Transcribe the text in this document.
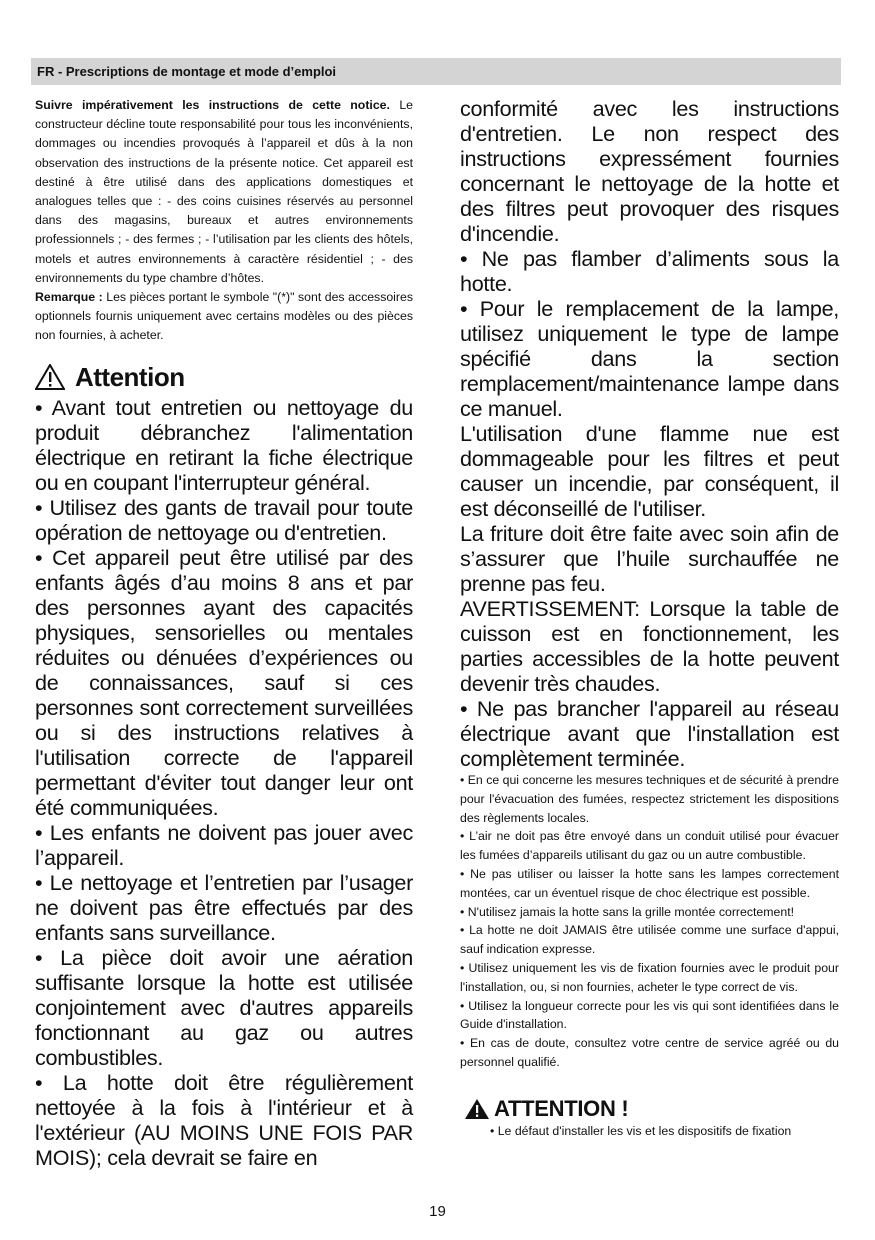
FR - Prescriptions de montage et mode d’emploi

Suivre impérativement les instructions de cette notice. Le constructeur décline toute responsabilité pour tous les inconvénients, dommages ou incendies provoqués à l’appareil et dûs à la non observation des instructions de la présente notice. Cet appareil est destiné à être utilisé dans des applications domestiques et analogues telles que : - des coins cuisines réservés au personnel dans des magasins, bureaux et autres environnements professionnels ; - des fermes ; - l’utilisation par les clients des hôtels, motels et autres environnements à caractère résidentiel ; - des environnements du type chambre d’hôtes.

Remarque : Les pièces portant le symbole "(*)" sont des accessoires optionnels fournis uniquement avec certains modèles ou des pièces non fournies, à acheter.

Attention

• Avant tout entretien ou nettoyage du produit débranchez l'alimentation électrique en retirant la fiche électrique ou en coupant l'interrupteur général.

• Utilisez des gants de travail pour toute opération de nettoyage ou d'entretien.

• Cet appareil peut être utilisé par des enfants âgés d’au moins 8 ans et par des personnes ayant des capacités physiques, sensorielles ou mentales réduites ou dénuées d’expériences ou de connaissances, sauf si ces personnes sont correctement surveillées ou si des instructions relatives à l'utilisation correcte de l'appareil permettant d'éviter tout danger leur ont été communiquées.

• Les enfants ne doivent pas jouer avec l’appareil.

• Le nettoyage et l’entretien par l’usager ne doivent pas être effectués par des enfants sans surveillance.

• La pièce doit avoir une aération suffisante lorsque la hotte est utilisée conjointement avec d'autres appareils fonctionnant au gaz ou autres combustibles.

• La hotte doit être régulièrement nettoyée à la fois à l'intérieur et à l'extérieur (AU MOINS UNE FOIS PAR MOIS); cela devrait se faire en

conformité avec les instructions d'entretien. Le non respect des instructions expressément fournies concernant le nettoyage de la hotte et des filtres peut provoquer des risques d'incendie.

• Ne pas flamber d’aliments sous la hotte.

• Pour le remplacement de la lampe, utilisez uniquement le type de lampe spécifié dans la section remplacement/maintenance lampe dans ce manuel.

L'utilisation d'une flamme nue est dommageable pour les filtres et peut causer un incendie, par conséquent, il est déconseillé de l'utiliser.

La friture doit être faite avec soin afin de s’assurer que l’huile surchauffée ne prenne pas feu.

AVERTISSEMENT: Lorsque la table de cuisson est en fonctionnement, les parties accessibles de la hotte peuvent devenir très chaudes.

• Ne pas brancher l'appareil au réseau électrique avant que l'installation est complètement terminée.

• En ce qui concerne les mesures techniques et de sécurité à prendre pour l'évacuation des fumées, respectez strictement les dispositions des règlements locales.

• L’air ne doit pas être envoyé dans un conduit utilisé pour évacuer les fumées d’appareils utilisant du gaz ou un autre combustible.

• Ne pas utiliser ou laisser la hotte sans les lampes correctement montées, car un éventuel risque de choc électrique est possible.

• N'utilisez jamais la hotte sans la grille montée correctement!

• La hotte ne doit JAMAIS être utilisée comme une surface d'appui, sauf indication expresse.

• Utilisez uniquement les vis de fixation fournies avec le produit pour l'installation, ou, si non fournies, acheter le type correct de vis.

• Utilisez la longueur correcte pour les vis qui sont identifiées dans le Guide d'installation.

• En cas de doute, consultez votre centre de service agréé ou du personnel qualifié.

ATTENTION !

• Le défaut d'installer les vis et les dispositifs de fixation

19
